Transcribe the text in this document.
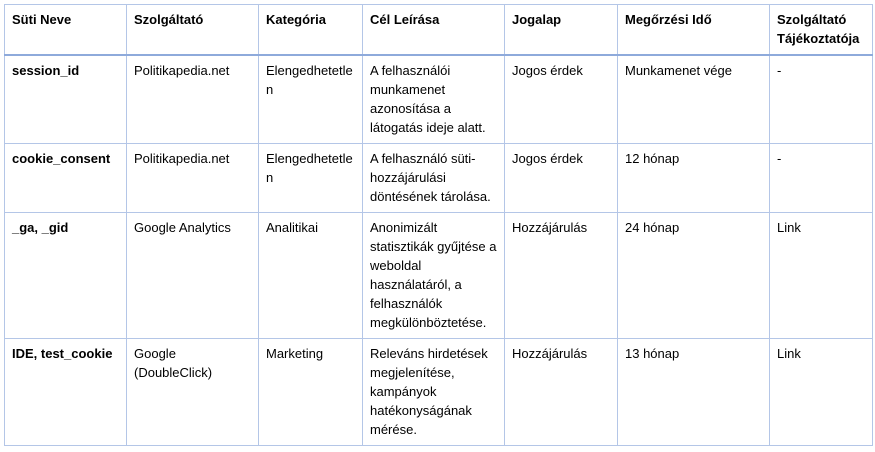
Süti Neve	Szolgáltató	Kategória	Cél Leírása	Jogalap	Megőrzési Idő	Szolgáltató Tájékoztatója
session_id	Politikapedia.net	Elengedhetetlen	A felhasználói munkamenet azonosítása a látogatás ideje alatt.	Jogos érdek	Munkamenet vége	-
cookie_consent	Politikapedia.net	Elengedhetetlen	A felhasználó süti-hozzájárulási döntésének tárolása.	Jogos érdek	12 hónap	-
_ga, _gid	Google Analytics	Analitikai	Anonimizált statisztikák gyűjtése a weboldal használatáról, a felhasználók megkülönböztetése.	Hozzájárulás	24 hónap	Link
IDE, test_cookie	Google (DoubleClick)	Marketing	Releváns hirdetések megjelenítése, kampányok hatékonyságának mérése.	Hozzájárulás	13 hónap	Link
